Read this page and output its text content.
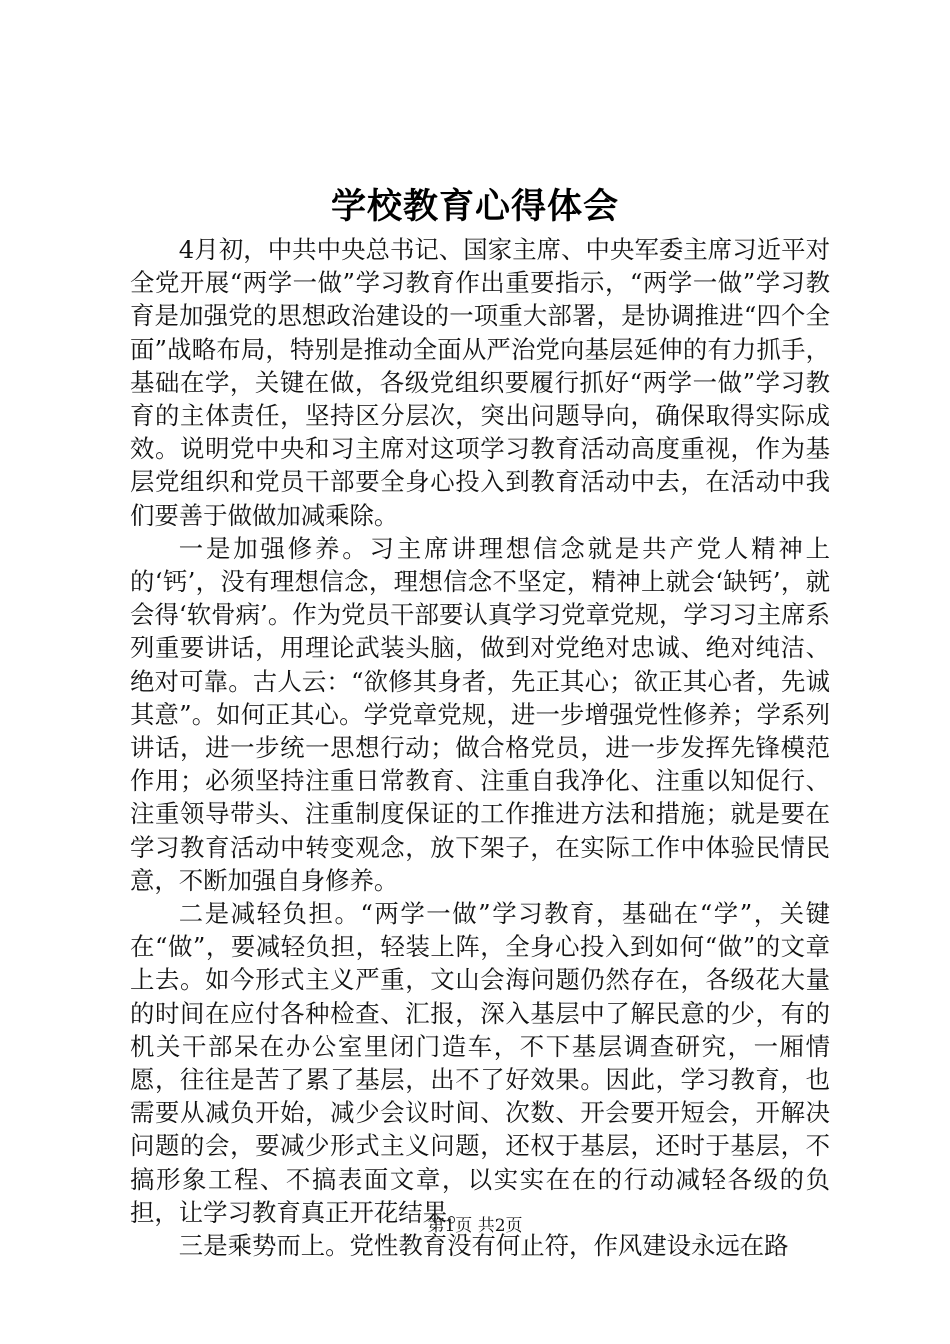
学校教育心得体会

4月初，中共中央总书记、国家主席、中央军委主席习近平对全党开展“两学一做”学习教育作出重要指示，“两学一做”学习教育是加强党的思想政治建设的一项重大部署，是协调推进“四个全面”战略布局，特别是推动全面从严治党向基层延伸的有力抓手，基础在学，关键在做，各级党组织要履行抓好“两学一做”学习教育的主体责任，坚持区分层次，突出问题导向，确保取得实际成效。说明党中央和习主席对这项学习教育活动高度重视，作为基层党组织和党员干部要全身心投入到教育活动中去，在活动中我们要善于做做加减乘除。

一是加强修养。习主席讲理想信念就是共产党人精神上的‘钙’，没有理想信念，理想信念不坚定，精神上就会‘缺钙’，就会得‘软骨病’。作为党员干部要认真学习党章党规，学习习主席系列重要讲话，用理论武装头脑，做到对党绝对忠诚、绝对纯洁、绝对可靠。古人云：“欲修其身者，先正其心；欲正其心者，先诚其意”。如何正其心。学党章党规，进一步增强党性修养；学系列讲话，进一步统一思想行动；做合格党员，进一步发挥先锋模范作用；必须坚持注重日常教育、注重自我净化、注重以知促行、注重领导带头、注重制度保证的工作推进方法和措施；就是要在学习教育活动中转变观念，放下架子，在实际工作中体验民情民意，不断加强自身修养。

二是减轻负担。“两学一做”学习教育，基础在“学”，关键在“做”，要减轻负担，轻装上阵，全身心投入到如何“做”的文章上去。如今形式主义严重，文山会海问题仍然存在，各级花大量的时间在应付各种检查、汇报，深入基层中了解民意的少，有的机关干部呆在办公室里闭门造车，不下基层调查研究，一厢情愿，往往是苦了累了基层，出不了好效果。因此，学习教育，也需要从减负开始，减少会议时间、次数、开会要开短会，开解决问题的会，要减少形式主义问题，还权于基层，还时于基层，不搞形象工程、不搞表面文章，以实实在在的行动减轻各级的负担，让学习教育真正开花结果。

三是乘势而上。党性教育没有何止符，作风建设永远在路

第1页 共2页
